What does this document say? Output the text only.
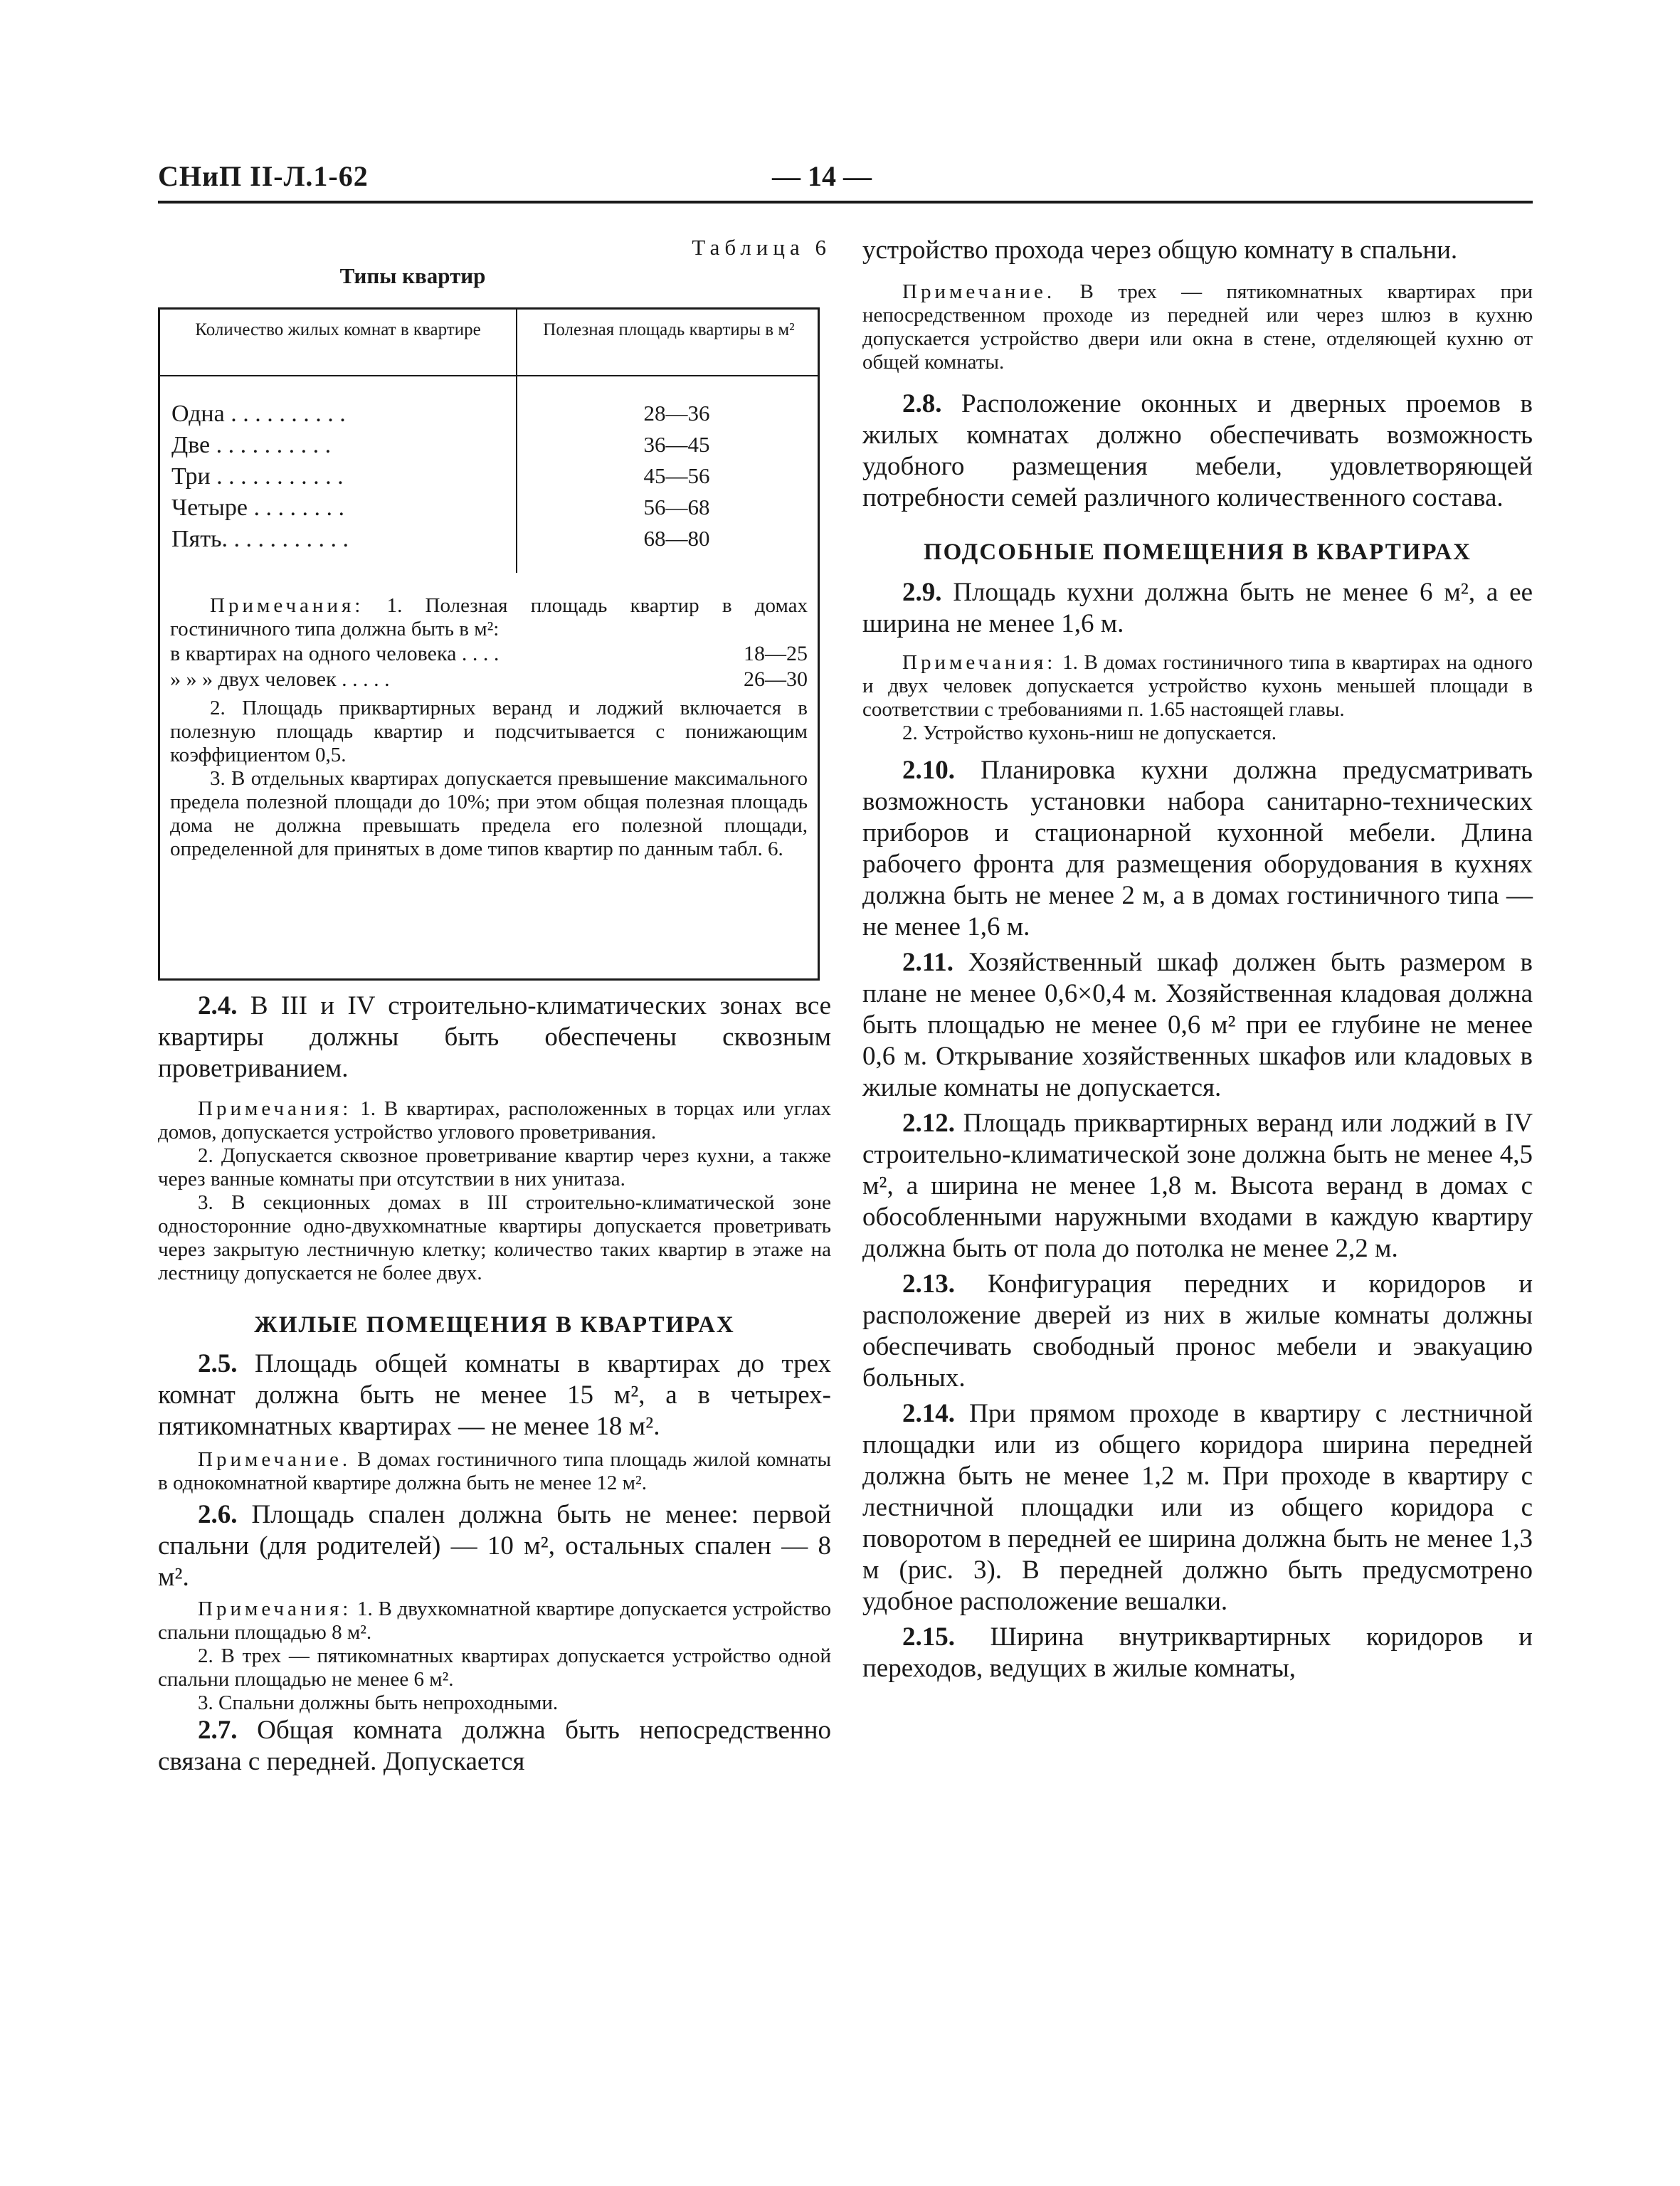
СНиП II-Л.1-62	— 14 —

Таблица 6

Типы квартир

Количество жилых комнат в квартире	Полезная площадь квартиры в м²
Одна . . . . . . . . . .	28—36
Две . . . . . . . . . .	36—45
Три . . . . . . . . . . .	45—56
Четыре . . . . . . . .	56—68
Пять. . . . . . . . . . .	68—80

Примечания: 1. Полезная площадь квартир в домах гостиничного типа должна быть в м²:

в квартирах на одного человека . . . .	18—25
» » » двух человек . . . . .	26—30

2. Площадь приквартирных веранд и лоджий включается в полезную площадь квартир и подсчитывается с понижающим коэффициентом 0,5.

3. В отдельных квартирах допускается превышение максимального предела полезной площади до 10%; при этом общая полезная площадь дома не должна превышать предела его полезной площади, определенной для принятых в доме типов квартир по данным табл. 6.

2.4. В III и IV строительно-климатических зонах все квартиры должны быть обеспечены сквозным проветриванием.

Примечания: 1. В квартирах, расположенных в торцах или углах домов, допускается устройство углового проветривания.

2. Допускается сквозное проветривание квартир через кухни, а также через ванные комнаты при отсутствии в них унитаза.

3. В секционных домах в III строительно-климатической зоне односторонние одно-двухкомнатные квартиры допускается проветривать через закрытую лестничную клетку; количество таких квартир в этаже на лестницу допускается не более двух.

ЖИЛЫЕ ПОМЕЩЕНИЯ В КВАРТИРАХ

2.5. Площадь общей комнаты в квартирах до трех комнат должна быть не менее 15 м², а в четырех-пятикомнатных квартирах — не менее 18 м².

Примечание. В домах гостиничного типа площадь жилой комнаты в однокомнатной квартире должна быть не менее 12 м².

2.6. Площадь спален должна быть не менее: первой спальни (для родителей) — 10 м², остальных спален — 8 м².

Примечания: 1. В двухкомнатной квартире допускается устройство спальни площадью 8 м².

2. В трех — пятикомнатных квартирах допускается устройство одной спальни площадью не менее 6 м².

3. Спальни должны быть непроходными.

2.7. Общая комната должна быть непосредственно связана с передней. Допускается

устройство прохода через общую комнату в спальни.

Примечание. В трех — пятикомнатных квартирах при непосредственном проходе из передней или через шлюз в кухню допускается устройство двери или окна в стене, отделяющей кухню от общей комнаты.

2.8. Расположение оконных и дверных проемов в жилых комнатах должно обеспечивать возможность удобного размещения мебели, удовлетворяющей потребности семей различного количественного состава.

ПОДСОБНЫЕ ПОМЕЩЕНИЯ В КВАРТИРАХ

2.9. Площадь кухни должна быть не менее 6 м², а ее ширина не менее 1,6 м.

Примечания: 1. В домах гостиничного типа в квартирах на одного и двух человек допускается устройство кухонь меньшей площади в соответствии с требованиями п. 1.65 настоящей главы.

2. Устройство кухонь-ниш не допускается.

2.10. Планировка кухни должна предусматривать возможность установки набора санитарно-технических приборов и стационарной кухонной мебели. Длина рабочего фронта для размещения оборудования в кухнях должна быть не менее 2 м, а в домах гостиничного типа — не менее 1,6 м.

2.11. Хозяйственный шкаф должен быть размером в плане не менее 0,6×0,4 м. Хозяйственная кладовая должна быть площадью не менее 0,6 м² при ее глубине не менее 0,6 м. Открывание хозяйственных шкафов или кладовых в жилые комнаты не допускается.

2.12. Площадь приквартирных веранд или лоджий в IV строительно-климатической зоне должна быть не менее 4,5 м², а ширина не менее 1,8 м. Высота веранд в домах с обособленными наружными входами в каждую квартиру должна быть от пола до потолка не менее 2,2 м.

2.13. Конфигурация передних и коридоров и расположение дверей из них в жилые комнаты должны обеспечивать свободный пронос мебели и эвакуацию больных.

2.14. При прямом проходе в квартиру с лестничной площадки или из общего коридора ширина передней должна быть не менее 1,2 м. При проходе в квартиру с лестничной площадки или из общего коридора с поворотом в передней ее ширина должна быть не менее 1,3 м (рис. 3). В передней должно быть предусмотрено удобное расположение вешалки.

2.15. Ширина внутриквартирных коридоров и переходов, ведущих в жилые комнаты,
